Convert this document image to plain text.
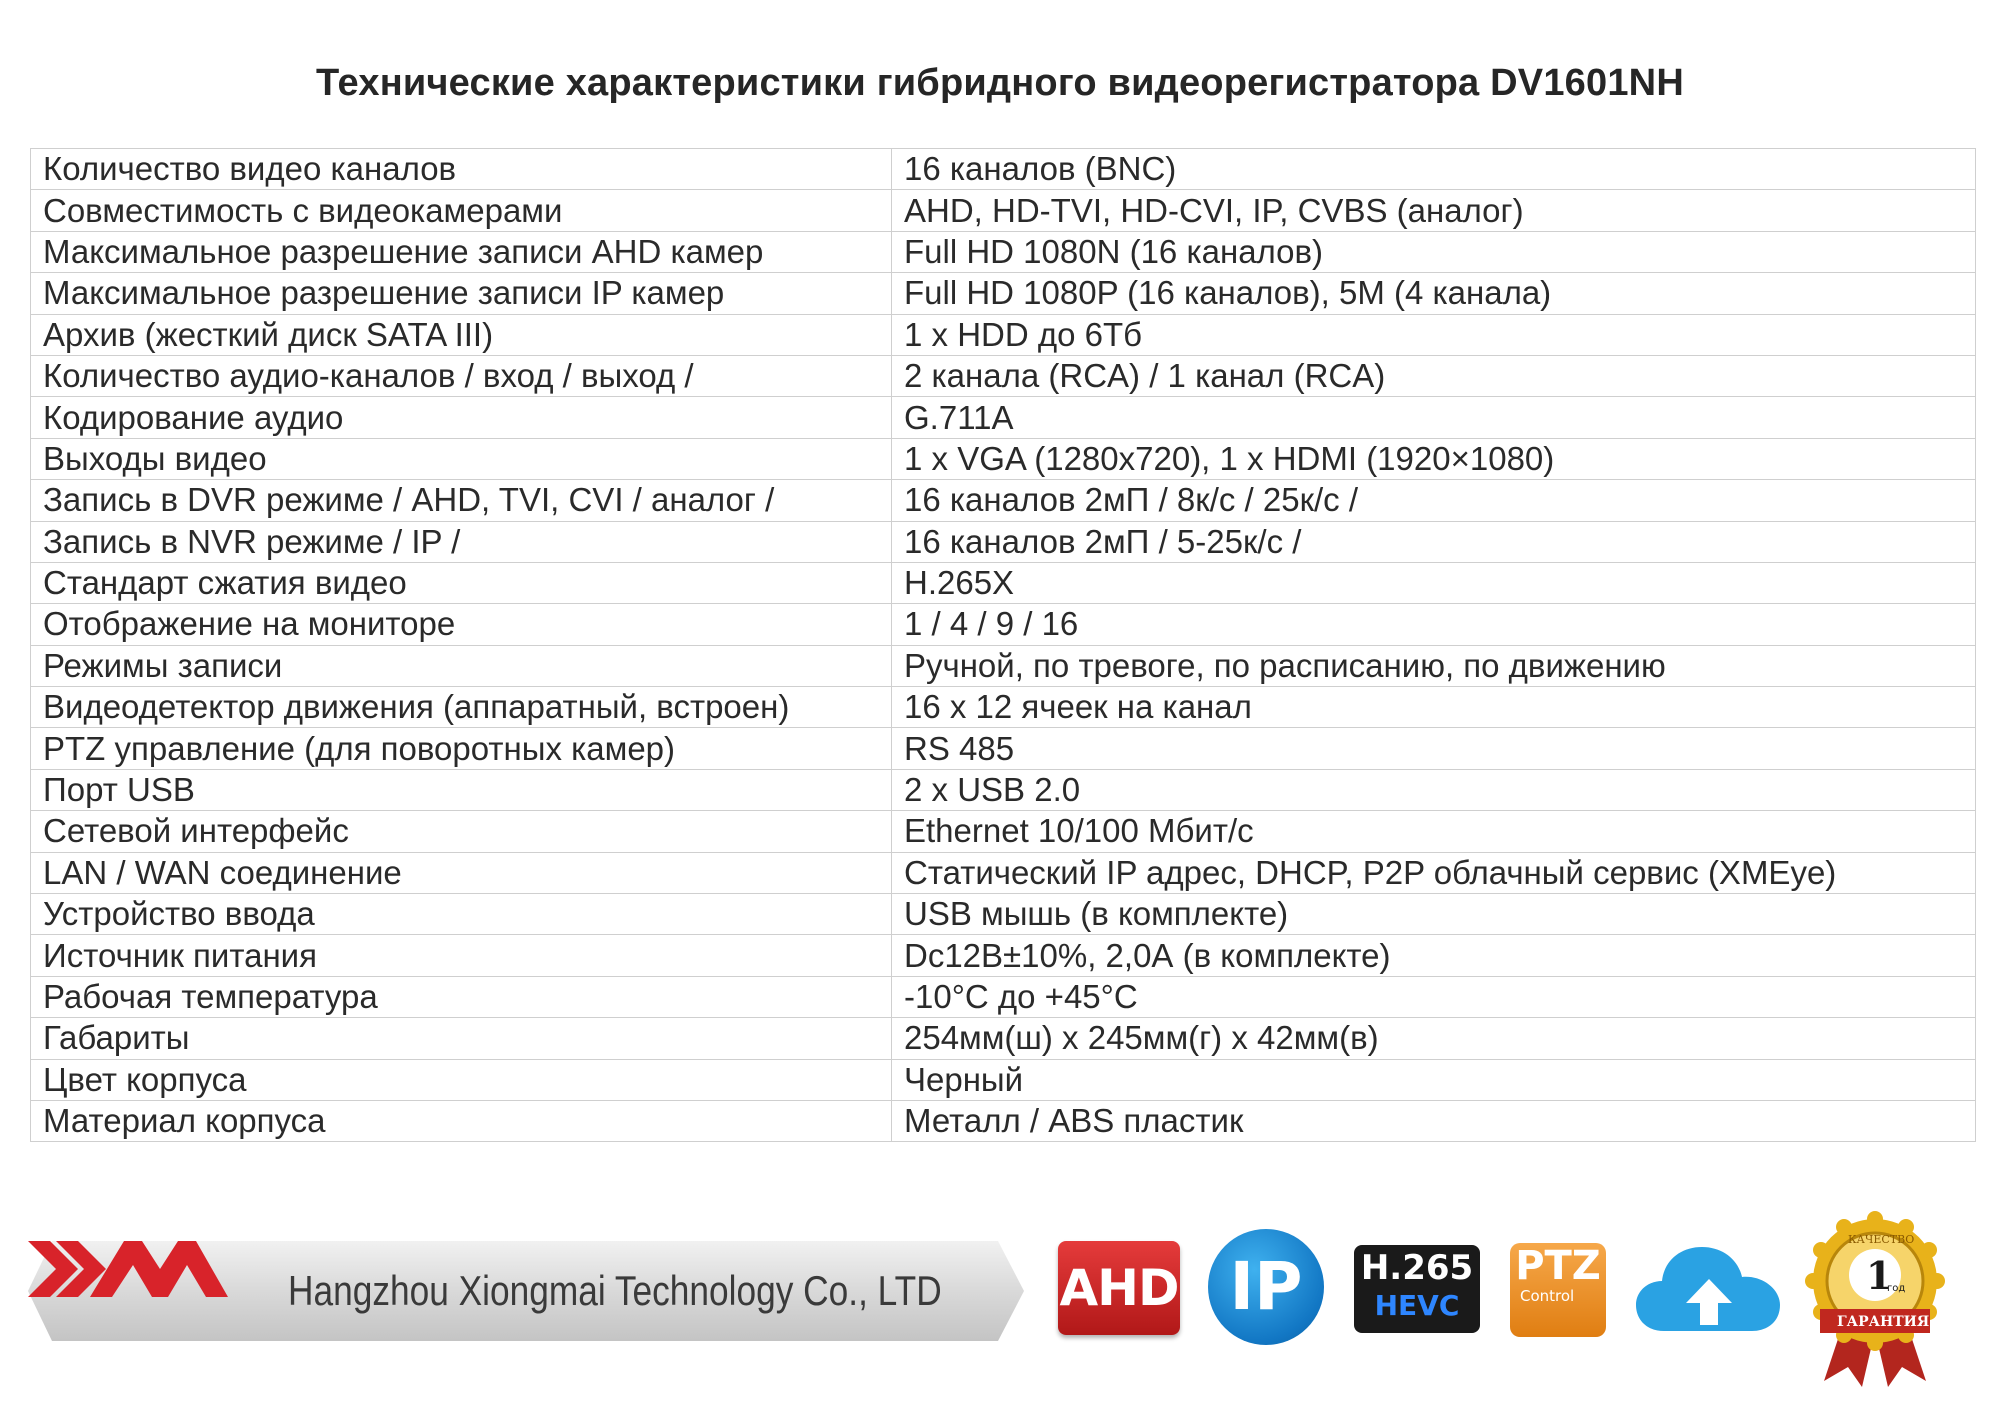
Технические характеристики гибридного видеорегистратора DV1601NH
Количество видео каналов	16 каналов (BNC)
Совместимость с видеокамерами	AHD, HD-TVI, HD-CVI, IP, CVBS (аналог)
Максимальное разрешение записи AHD камер	Full HD 1080N (16 каналов)
Максимальное разрешение записи IP камер	Full HD 1080P (16 каналов), 5M (4 канала)
Архив (жесткий диск SATA III)	1 х HDD до 6Тб
Количество аудио-каналов / вход / выход /	2 канала (RCA) / 1 канал (RCA)
Кодирование аудио	G.711A
Выходы видео	1 x VGA (1280х720), 1 x HDMI (1920×1080)
Запись в DVR режиме / AHD, TVI, CVI / аналог /	16 каналов 2мП / 8к/с / 25к/с /
Запись в NVR режиме / IP /	16 каналов 2мП / 5-25к/с /
Стандарт сжатия видео	H.265X
Отображение на мониторе	1 / 4 / 9 / 16
Режимы записи	Ручной, по тревоге, по расписанию, по движению
Видеодетектор движения (аппаратный, встроен)	16 х 12 ячеек на канал
PTZ управление (для поворотных камер)	RS 485
Порт USB	2 х USB 2.0
Сетевой интерфейс	Ethernet 10/100 Мбит/с
LAN / WAN соединение	Статический IP адрес, DHCP, P2P облачный сервис (XMEye)
Устройство ввода	USB мышь (в комплекте)
Источник питания	Dc12В±10%, 2,0А (в комплекте)
Рабочая температура	-10°С до +45°С
Габариты	254мм(ш) х 245мм(г) х 42мм(в)
Цвет корпуса	Черный
Материал корпуса	Металл / ABS пластик
Hangzhou Xiongmai Technology Co., LTD AHD IP	H.265
HEVC
PTZ
Control
КАЧЕСТВО
1
год
ГАРАНТИЯ
